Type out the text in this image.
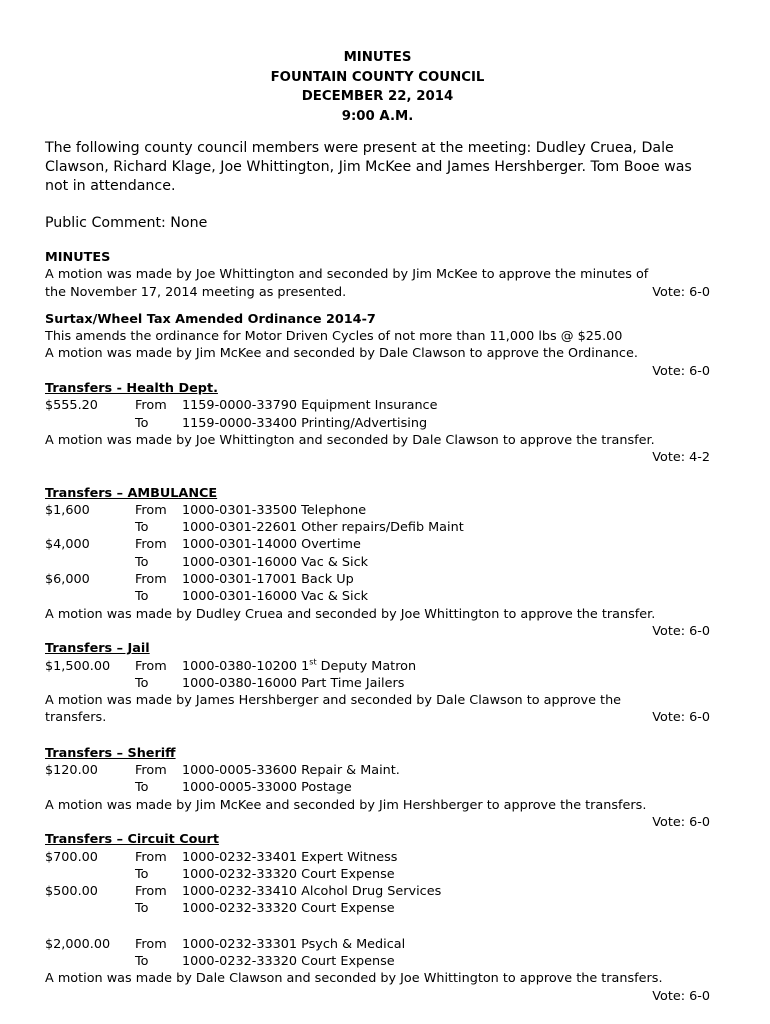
MINUTES
FOUNTAIN COUNTY COUNCIL
DECEMBER 22, 2014
9:00 A.M.
The following county council members were present at the meeting: Dudley Cruea, Dale Clawson, Richard Klage, Joe Whittington, Jim McKee and James Hershberger. Tom Booe was not in attendance.
Public Comment: None
MINUTES
A motion was made by Joe Whittington and seconded by Jim McKee to approve the minutes of
the November 17, 2014 meeting as presented.	Vote: 6-0
Surtax/Wheel Tax Amended Ordinance 2014-7
This amends the ordinance for Motor Driven Cycles of not more than 11,000 lbs @ $25.00
A motion was made by Jim McKee and seconded by Dale Clawson to approve the Ordinance.
Vote: 6-0
Transfers - Health Dept.
$555.20	From	1159-0000-33790 Equipment Insurance
To	1159-0000-33400 Printing/Advertising
A motion was made by Joe Whittington and seconded by Dale Clawson to approve the transfer.
Vote: 4-2
Transfers – AMBULANCE
$1,600	From	1000-0301-33500 Telephone
To	1000-0301-22601 Other repairs/Defib Maint
$4,000	From	1000-0301-14000 Overtime
To	1000-0301-16000 Vac & Sick
$6,000	From	1000-0301-17001 Back Up
To	1000-0301-16000 Vac & Sick
A motion was made by Dudley Cruea and seconded by Joe Whittington to approve the transfer.
Vote: 6-0
Transfers – Jail
$1,500.00	From	1000-0380-10200 1st Deputy Matron
To	1000-0380-16000 Part Time Jailers
A motion was made by James Hershberger and seconded by Dale Clawson to approve the
transfers.	Vote: 6-0
Transfers – Sheriff
$120.00	From	1000-0005-33600 Repair & Maint.
To	1000-0005-33000 Postage
A motion was made by Jim McKee and seconded by Jim Hershberger to approve the transfers.
Vote: 6-0
Transfers – Circuit Court
$700.00	From	1000-0232-33401 Expert Witness
To	1000-0232-33320 Court Expense
$500.00	From	1000-0232-33410 Alcohol Drug Services
To	1000-0232-33320 Court Expense
$2,000.00	From	1000-0232-33301 Psych & Medical
To	1000-0232-33320 Court Expense
A motion was made by Dale Clawson and seconded by Joe Whittington to approve the transfers.
Vote: 6-0
